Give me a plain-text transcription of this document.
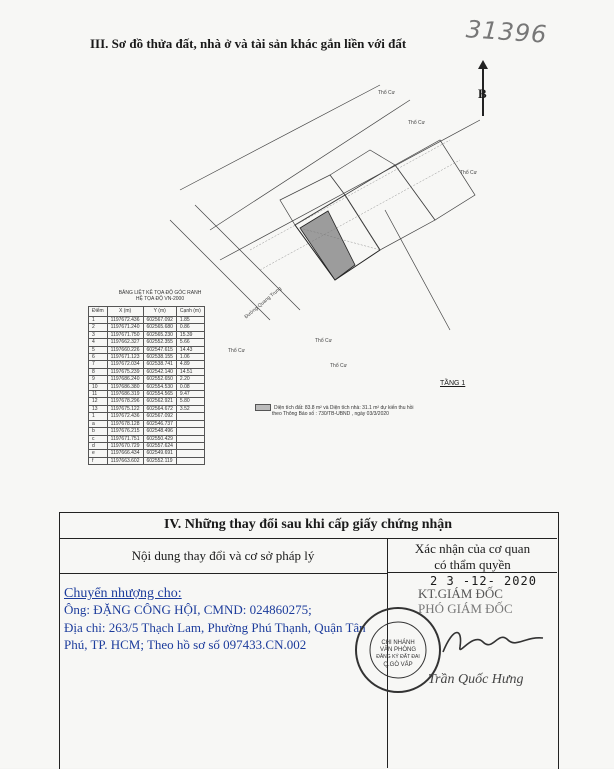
31396
III. Sơ đồ thửa đất, nhà ở và tài sản khác gắn liền với đất
B
Thổ Cư
Thổ Cư
Thổ Cư
Thổ Cư
Thổ Cư
Thổ Cư
Đường Quang Trung
TẦNG 1
BẢNG LIỆT KÊ TỌA ĐỘ GÓC RANH
HỆ TỌA ĐỘ VN-2000
Điểm	X (m)	Y (m)	Cạnh (m)
1	1197672.436	602567.092	1.85
2	1197671.240	602565.680	0.86
3	1197671.750	602565.230	15.39
4	1197662.327	602552.355	5.66
5	1197660.226	602547.615	14.43
6	1197671.123	602538.155	1.06
7	1197672.034	602538.741	4.89
8	1197675.239	602542.140	14.51
9	1197686.240	602552.650	2.20
10	1197686.380	602554.530	0.08
11	1197686.319	602554.565	9.47
12	1197678.296	602562.921	5.80
13	1197675.122	602564.672	3.52
1	1197672.436	602567.092	
a	1197678.128	602546.737	
b	1197676.215	602548.496	
c	1197671.751	602550.429	
d	1197670.729	602557.624	
e	1197666.434	602549.691	
f	1197663.602	602552.119	
Diện tích đất: 83.8 m² và Diện tích nhà: 31.1 m² dự kiến thu hồi
theo Thông Báo số : 730/TB-UBND , ngày 03/3/2020
IV. Những thay đổi sau khi cấp giấy chứng nhận
Nội dung thay đổi và cơ sở pháp lý	Xác nhận của cơ quan
có thẩm quyền
Chuyển nhượng cho:
Ông: ĐẶNG CÔNG HỘI, CMND: 024860275;
Địa chỉ: 263/5 Thạch Lam, Phường Phú Thạnh, Quận Tân
Phú, TP. HCM; Theo hồ sơ số 097433.CN.002
2 3 -12- 2020
KT.GIÁM ĐỐC
PHÓ GIÁM ĐỐC
CHI NHÁNH
VĂN PHÒNG
ĐĂNG KÝ ĐẤT ĐAI
Q.GÒ VẤP
Trần Quốc Hưng
